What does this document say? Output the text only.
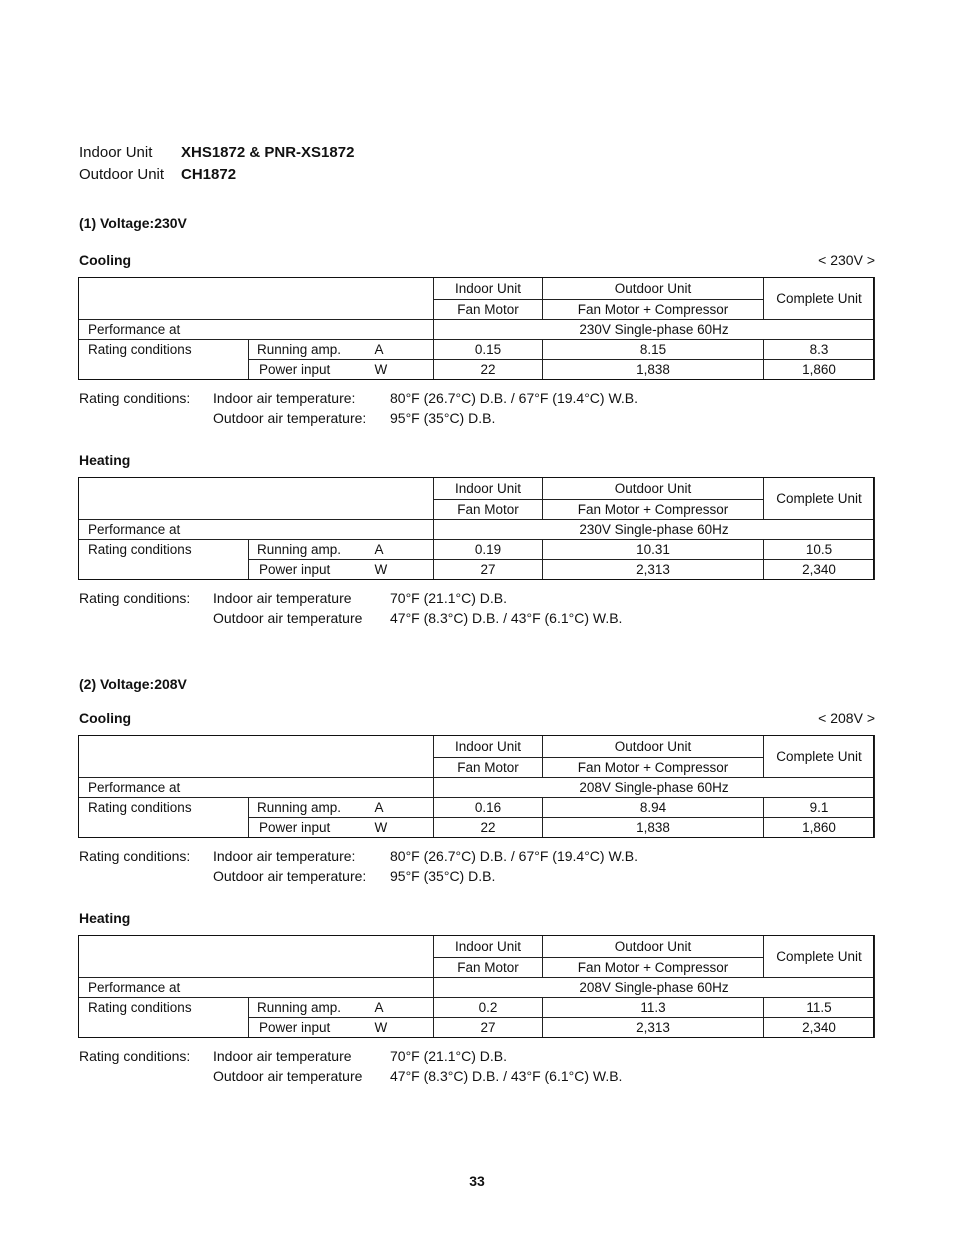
Indoor Unit XHS1872 & PNR-XS1872
Outdoor Unit CH1872
(1) Voltage:230V
Cooling	< 230V >
			Indoor Unit	Outdoor Unit	Complete Unit
			Fan Motor	Fan Motor + Compressor	
Performance at			230V Single-phase 60Hz		
Rating conditions	Running amp.	A	0.15	8.15	8.3
	Power input	W	22	1,838	1,860
Rating conditions: Indoor air temperature: 80°F (26.7°C) D.B. / 67°F (19.4°C) W.B.
Outdoor air temperature: 95°F (35°C) D.B.
Heating
			Indoor Unit	Outdoor Unit	Complete Unit
			Fan Motor	Fan Motor + Compressor	
Performance at			230V Single-phase 60Hz		
Rating conditions	Running amp.	A	0.19	10.31	10.5
	Power input	W	27	2,313	2,340
Rating conditions: Indoor air temperature	70°F (21.1°C) D.B.
Outdoor air temperature 47°F (8.3°C) D.B. / 43°F (6.1°C) W.B.
(2) Voltage:208V
Cooling	< 208V >
			Indoor Unit	Outdoor Unit	Complete Unit
			Fan Motor	Fan Motor + Compressor	
Performance at			208V Single-phase 60Hz		
Rating conditions	Running amp.	A	0.16	8.94	9.1
	Power input	W	22	1,838	1,860
Rating conditions: Indoor air temperature: 80°F (26.7°C) D.B. / 67°F (19.4°C) W.B.
Outdoor air temperature: 95°F (35°C) D.B.
Heating
			Indoor Unit	Outdoor Unit	Complete Unit
			Fan Motor	Fan Motor + Compressor	
Performance at			208V Single-phase 60Hz		
Rating conditions	Running amp.	A	0.2	11.3	11.5
	Power input	W	27	2,313	2,340
Rating conditions: Indoor air temperature	70°F (21.1°C) D.B.
Outdoor air temperature 47°F (8.3°C) D.B. / 43°F (6.1°C) W.B.
33
